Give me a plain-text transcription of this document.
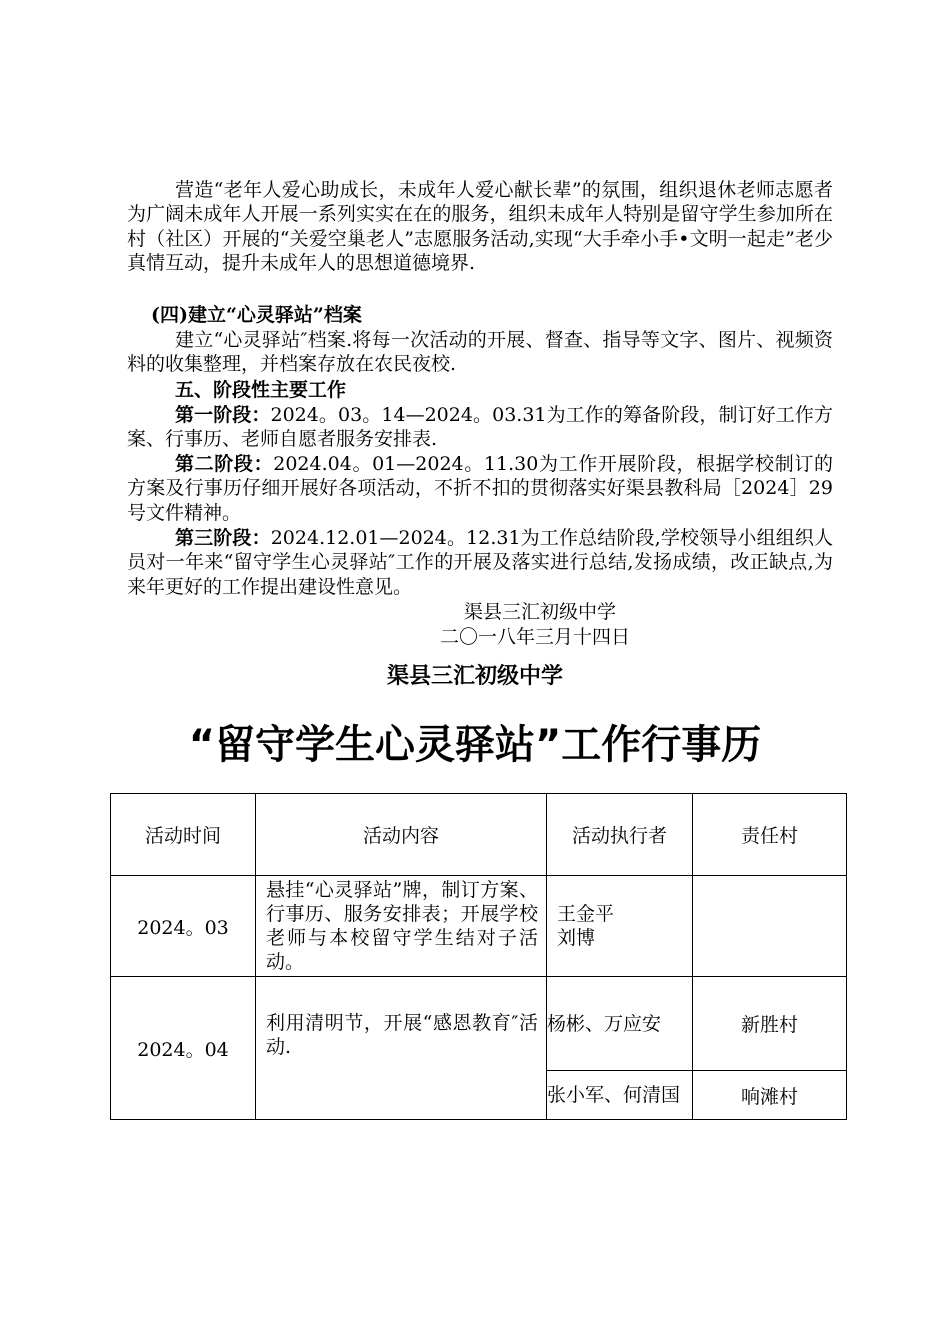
营造“老年人爱心助成长，未成年人爱心献长辈”的氛围，组织退休老师志愿者为广阔未成年人开展一系列实实在在的服务，组织未成年人特别是留守学生参加所在村（社区）开展的“关爱空巢老人”志愿服务活动,实现“大手牵小手•文明一起走”老少真情互动，提升未成年人的思想道德境界.

(四)建立“心灵驿站”档案

建立“心灵驿站″档案.将每一次活动的开展、督查、指导等文字、图片、视频资料的收集整理，并档案存放在农民夜校.

五、阶段性主要工作

第一阶段：2024。03。14—2024。03.31为工作的筹备阶段，制订好工作方案、行事历、老师自愿者服务安排表.

第二阶段：2024.04。01—2024。11.30为工作开展阶段，根据学校制订的方案及行事历仔细开展好各项活动，不折不扣的贯彻落实好渠县教科局［2024］29号文件精神。

第三阶段：2024.12.01—2024。12.31为工作总结阶段,学校领导小组组织人员对一年来“留守学生心灵驿站″工作的开展及落实进行总结,发扬成绩，改正缺点,为来年更好的工作提出建设性意见。

渠县三汇初级中学

二〇一八年三月十四日

渠县三汇初级中学
“留守学生心灵驿站”工作行事历
活动时间	活动内容	活动执行者	责任村
2024。03	悬挂“心灵驿站”牌，制订方案、行事历、服务安排表；开展学校老师与本校留守学生结对子活动。	王金平
刘博	

2024。04	利用清明节，开展“感恩教育″活动.	杨彬、万应安	新胜村
		张小军、何清国	响滩村
